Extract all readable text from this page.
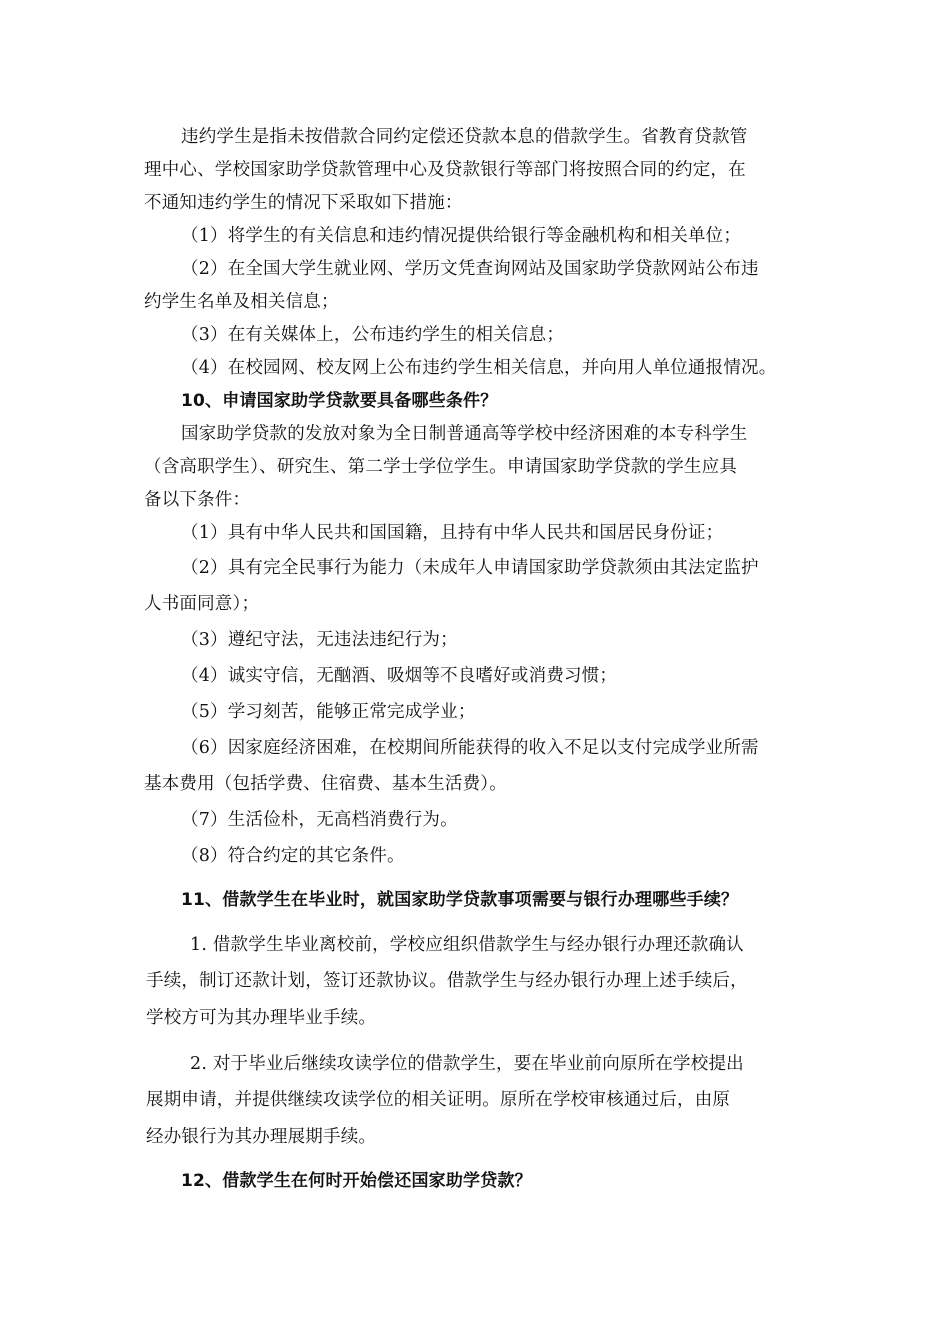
违约学生是指未按借款合同约定偿还贷款本息的借款学生。省教育贷款管
理中心、学校国家助学贷款管理中心及贷款银行等部门将按照合同的约定，在
不通知违约学生的情况下采取如下措施：
（1）将学生的有关信息和违约情况提供给银行等金融机构和相关单位；
（2）在全国大学生就业网、学历文凭查询网站及国家助学贷款网站公布违
约学生名单及相关信息；
（3）在有关媒体上，公布违约学生的相关信息；
（4）在校园网、校友网上公布违约学生相关信息，并向用人单位通报情况。
10、申请国家助学贷款要具备哪些条件？
国家助学贷款的发放对象为全日制普通高等学校中经济困难的本专科学生
（含高职学生）、研究生、第二学士学位学生。申请国家助学贷款的学生应具
备以下条件：
（1）具有中华人民共和国国籍，且持有中华人民共和国居民身份证；
（2）具有完全民事行为能力（未成年人申请国家助学贷款须由其法定监护
人书面同意）；
（3）遵纪守法，无违法违纪行为；
（4）诚实守信，无酗酒、吸烟等不良嗜好或消费习惯；
（5）学习刻苦，能够正常完成学业；
（6）因家庭经济困难，在校期间所能获得的收入不足以支付完成学业所需
基本费用（包括学费、住宿费、基本生活费）。
（7）生活俭朴，无高档消费行为。
（8）符合约定的其它条件。
11、借款学生在毕业时，就国家助学贷款事项需要与银行办理哪些手续？
1. 借款学生毕业离校前，学校应组织借款学生与经办银行办理还款确认
手续，制订还款计划，签订还款协议。借款学生与经办银行办理上述手续后，
学校方可为其办理毕业手续。
2. 对于毕业后继续攻读学位的借款学生，要在毕业前向原所在学校提出
展期申请，并提供继续攻读学位的相关证明。原所在学校审核通过后，由原
经办银行为其办理展期手续。
12、借款学生在何时开始偿还国家助学贷款？
